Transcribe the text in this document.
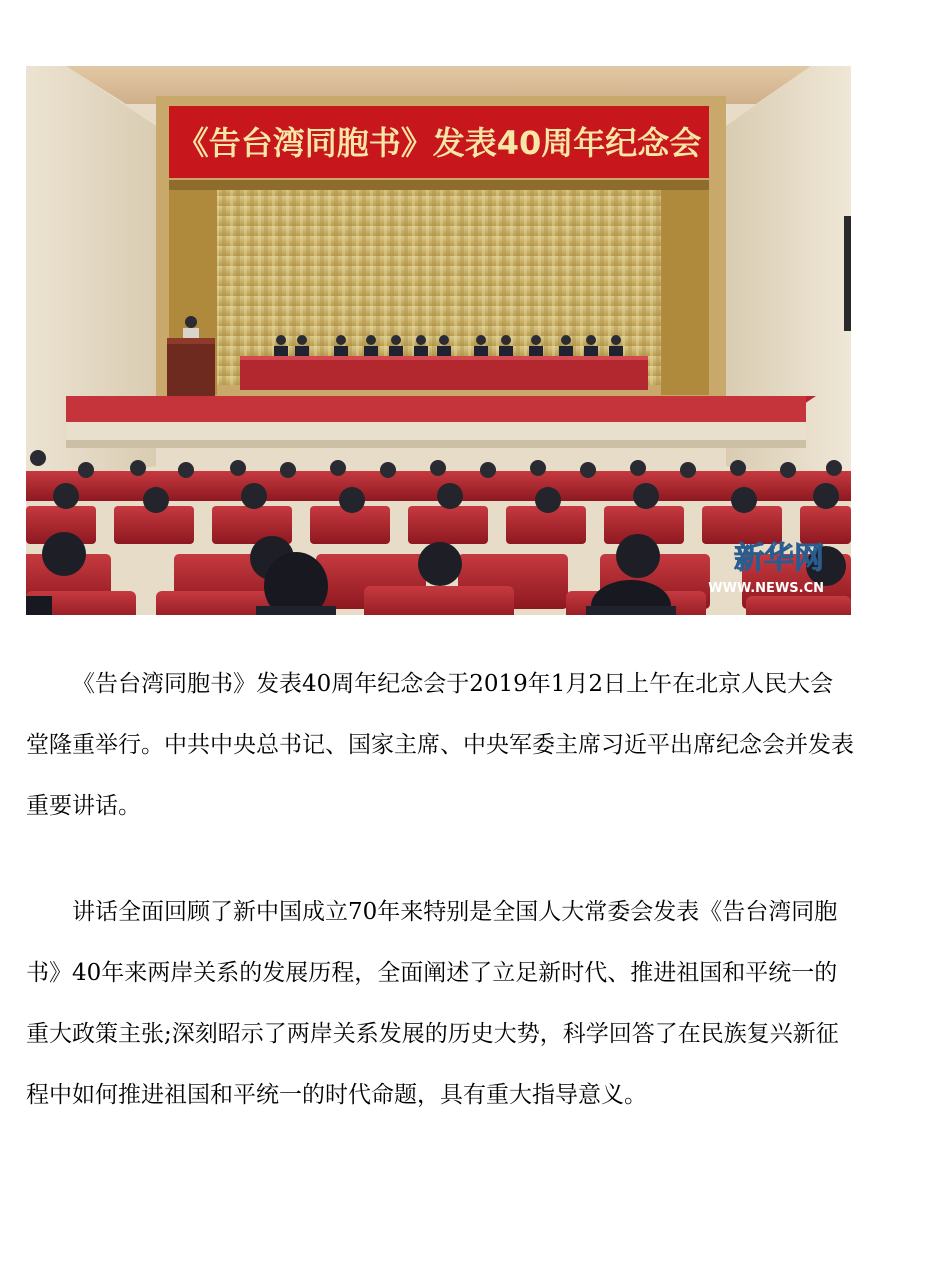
《告台湾同胞书》发表40周年纪念会
新华网
WWW.NEWS.CN

《告台湾同胞书》发表40周年纪念会于2019年1月2日上午在北京人民大会堂隆重举行。中共中央总书记、国家主席、中央军委主席习近平出席纪念会并发表重要讲话。

讲话全面回顾了新中国成立70年来特别是全国人大常委会发表《告台湾同胞书》40年来两岸关系的发展历程，全面阐述了立足新时代、推进祖国和平统一的重大政策主张;深刻昭示了两岸关系发展的历史大势，科学回答了在民族复兴新征程中如何推进祖国和平统一的时代命题，具有重大指导意义。
